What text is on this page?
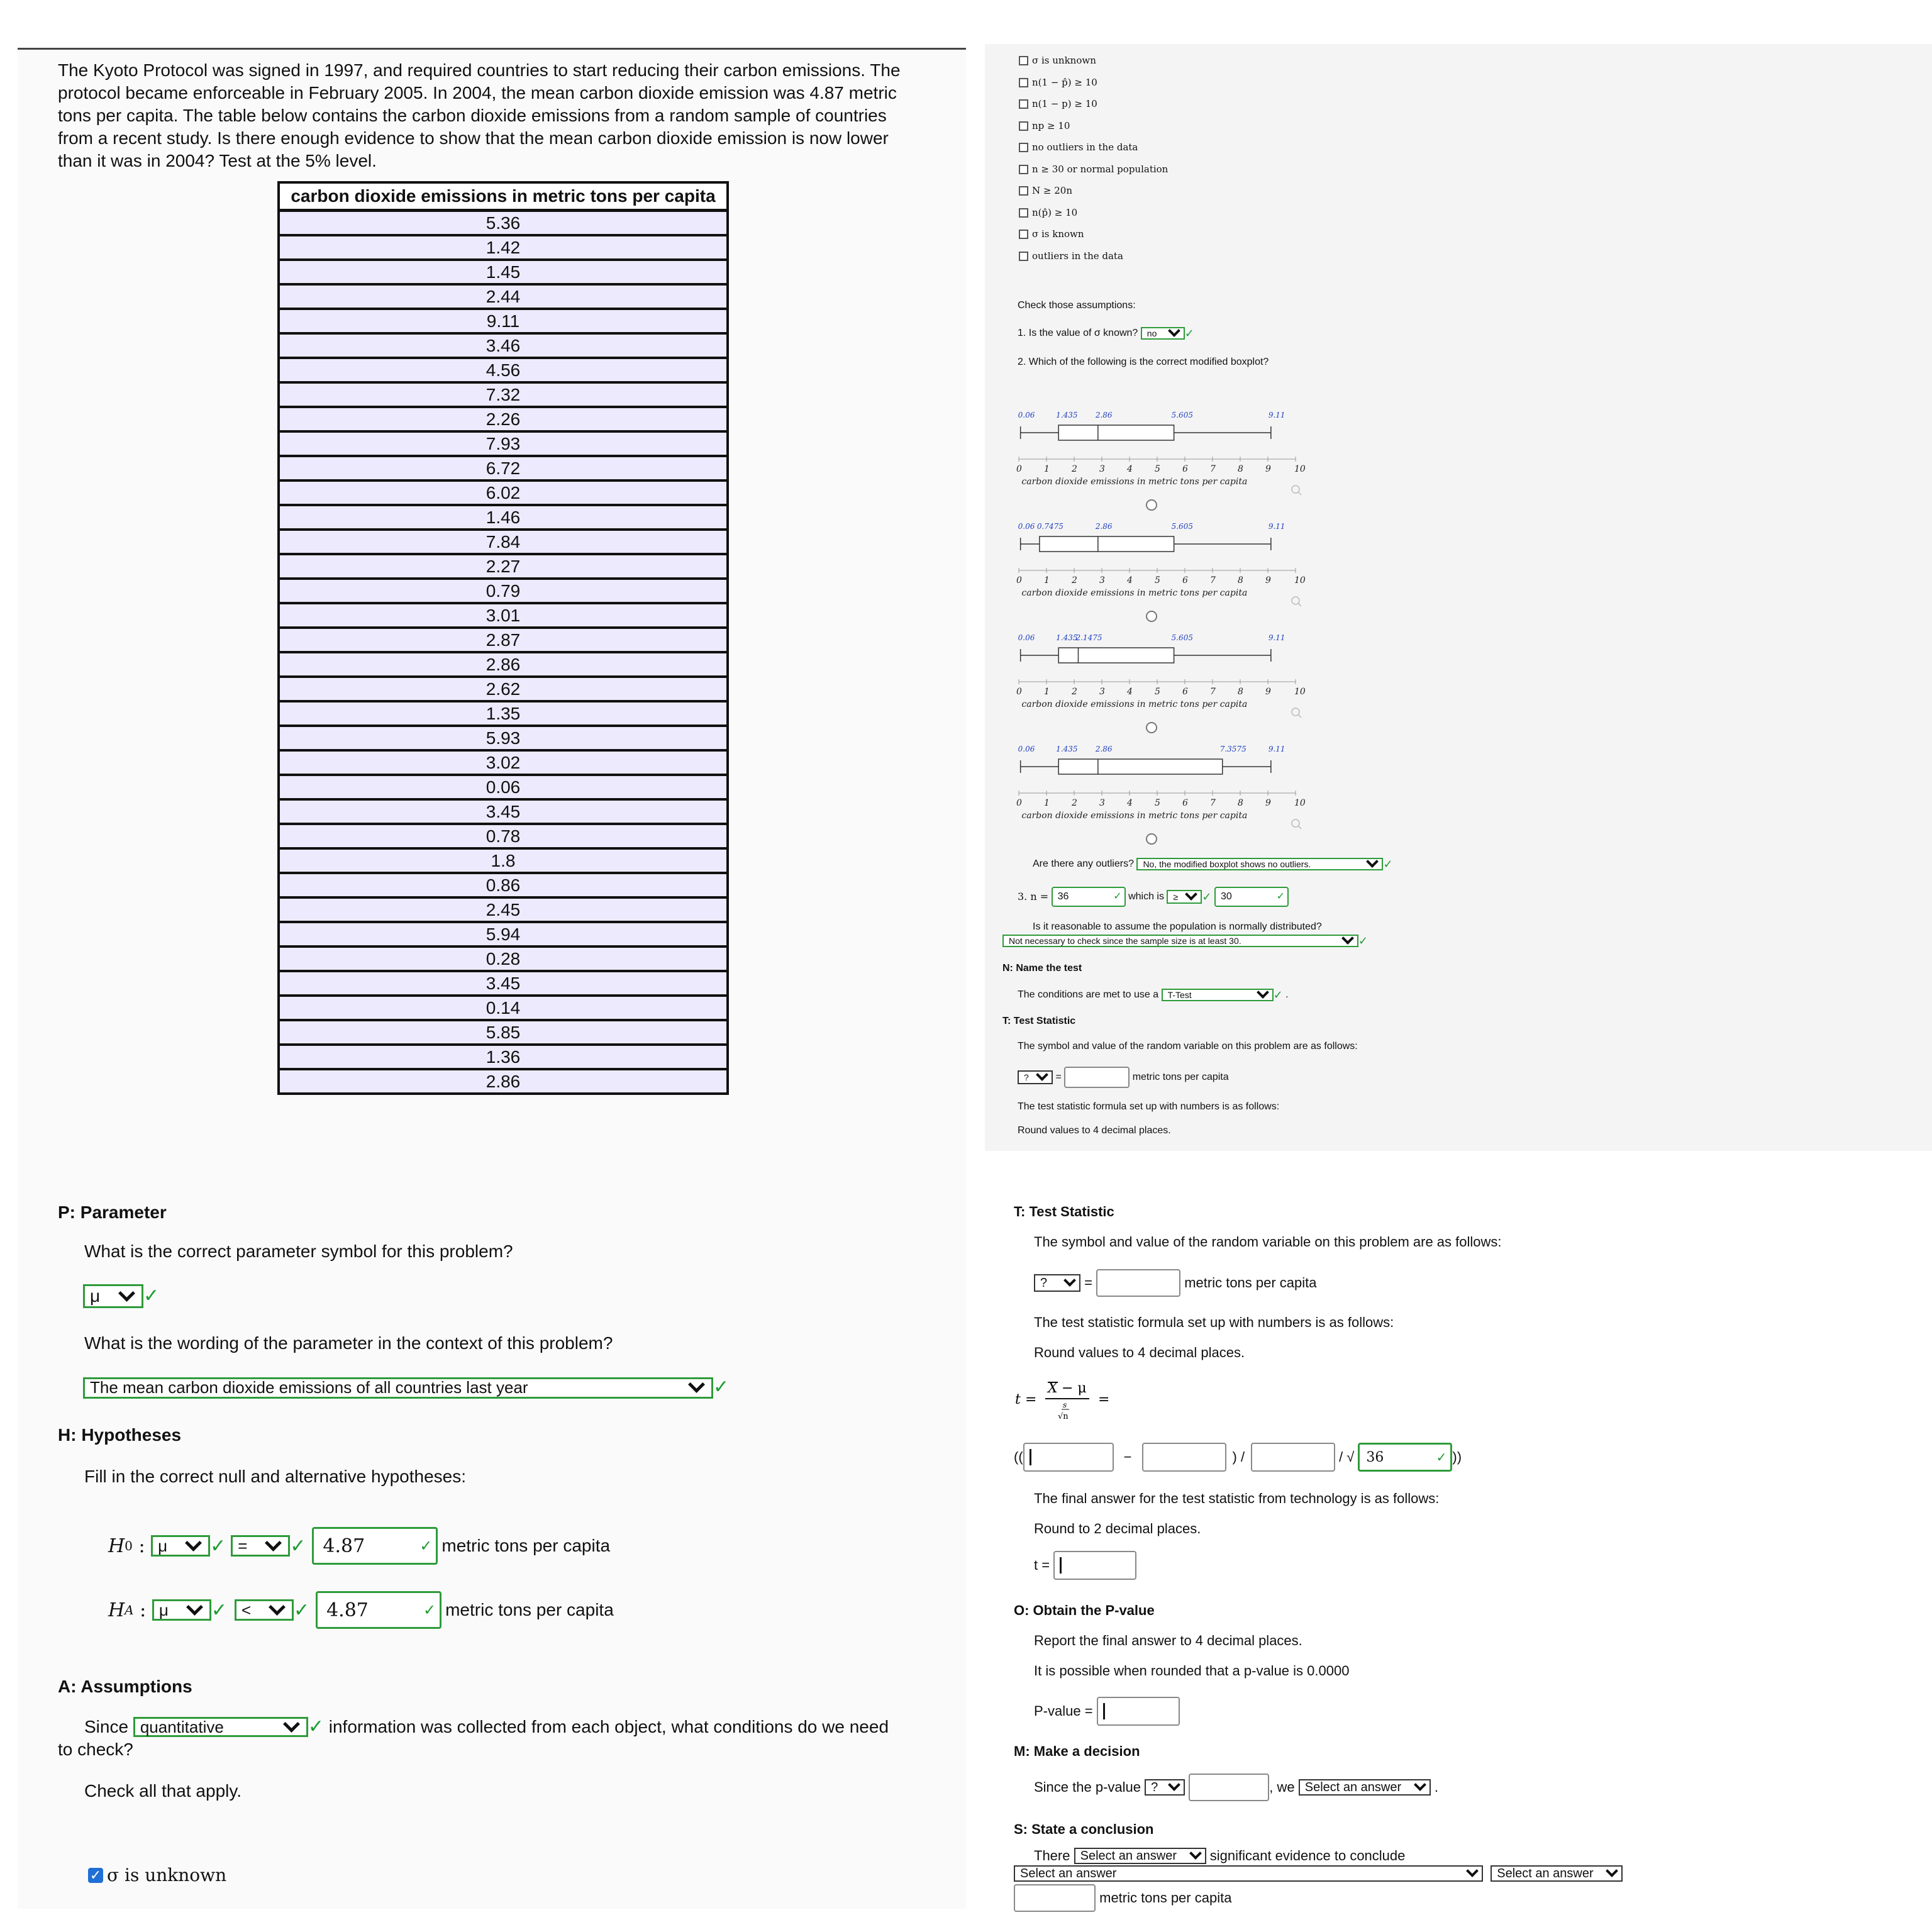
The Kyoto Protocol was signed in 1997, and required countries to start reducing their carbon emissions. The
protocol became enforceable in February 2005. In 2004, the mean carbon dioxide emission was 4.87 metric
tons per capita. The table below contains the carbon dioxide emissions from a random sample of countries
from a recent study. Is there enough evidence to show that the mean carbon dioxide emission is now lower
than it was in 2004? Test at the 5% level.
carbon dioxide emissions in metric tons per capita
5.36
1.42
1.45
2.44
9.11
3.46
4.56
7.32
2.26
7.93
6.72
6.02
1.46
7.84
2.27
0.79
3.01
2.87
2.86
2.62
1.35
5.93
3.02
0.06
3.45
0.78
1.8
0.86
2.45
5.94
0.28
3.45
0.14
5.85
1.36
2.86
P: Parameter
What is the correct parameter symbol for this problem?
μ ✓
What is the wording of the parameter in the context of this problem?
The mean carbon dioxide emissions of all countries last year	✓
H: Hypotheses
Fill in the correct null and alternative hypotheses:
H 0 : μ ✓ = ✓ 4.87	✓ metric tons per capita
H A : μ ✓ < ✓ 4.87	✓ metric tons per capita
A: Assumptions
Since
quantitative	✓
information was collected from each object, what conditions do we need
to check?
Check all that apply.
✓ σ is unknown
σ is unknown
n(1 − p̂) ≥ 10
n(1 − p) ≥ 10
np ≥ 10
no outliers in the data
n ≥ 30 or normal population
N ≥ 20n
n(p̂) ≥ 10
σ is known
outliers in the data
Check those assumptions:
1. Is the value of σ known?
	no ✓
2. Which of the following is the correct modified boxplot?
0.06	1.435 2.86	5.605	9.11
0	1	2	3	4	5	6	7	8	9	10
carbon dioxide emissions in metric tons per capita
0.06 0.7475	2.86	5.605	9.11
0	1	2	3	4	5	6	7	8	9	10
carbon dioxide emissions in metric tons per capita
0.06	1.435
2.1475	5.605	9.11
0	1	2	3	4	5	6	7	8	9	10
carbon dioxide emissions in metric tons per capita
0.06	1.435 2.86	7.3575	9.11
0	1	2	3	4	5	6	7	8	9	10
carbon dioxide emissions in metric tons per capita
Are there any outliers?
	No, the modified boxplot shows no outliers.	✓
3. n =
36	✓
which is
	≥ ✓
30	✓
Is it reasonable to assume the population is normally distributed?
Not necessary to check since the sample size is at least 30.	✓
N: Name the test
The conditions are met to use a
	T-Test	✓ .
T: Test Statistic
The symbol and value of the random variable on this problem are as follows:
? =
	metric tons per capita
The test statistic formula set up with numbers is as follows:
Round values to 4 decimal places.
T: Test Statistic
The symbol and value of the random variable on this problem are as follows:
? =
	metric tons per capita
The test statistic formula set up with numbers is as follows:
Round values to 4 decimal places.
t =
X − μ
s
√n
=
((	−	) /	/ √ 36	✓ ))
The final answer for the test statistic from technology is as follows:
Round to 2 decimal places.
t =

O: Obtain the P-value
Report the final answer to 4 decimal places.
It is possible when rounded that a p-value is 0.0000
P-value =

M: Make a decision
Since the p-value
?
	, we
Select an answer .
S: State a conclusion
There
Select an answer
significant evidence to conclude
Select an answer
	Select an answer

metric tons per capita
